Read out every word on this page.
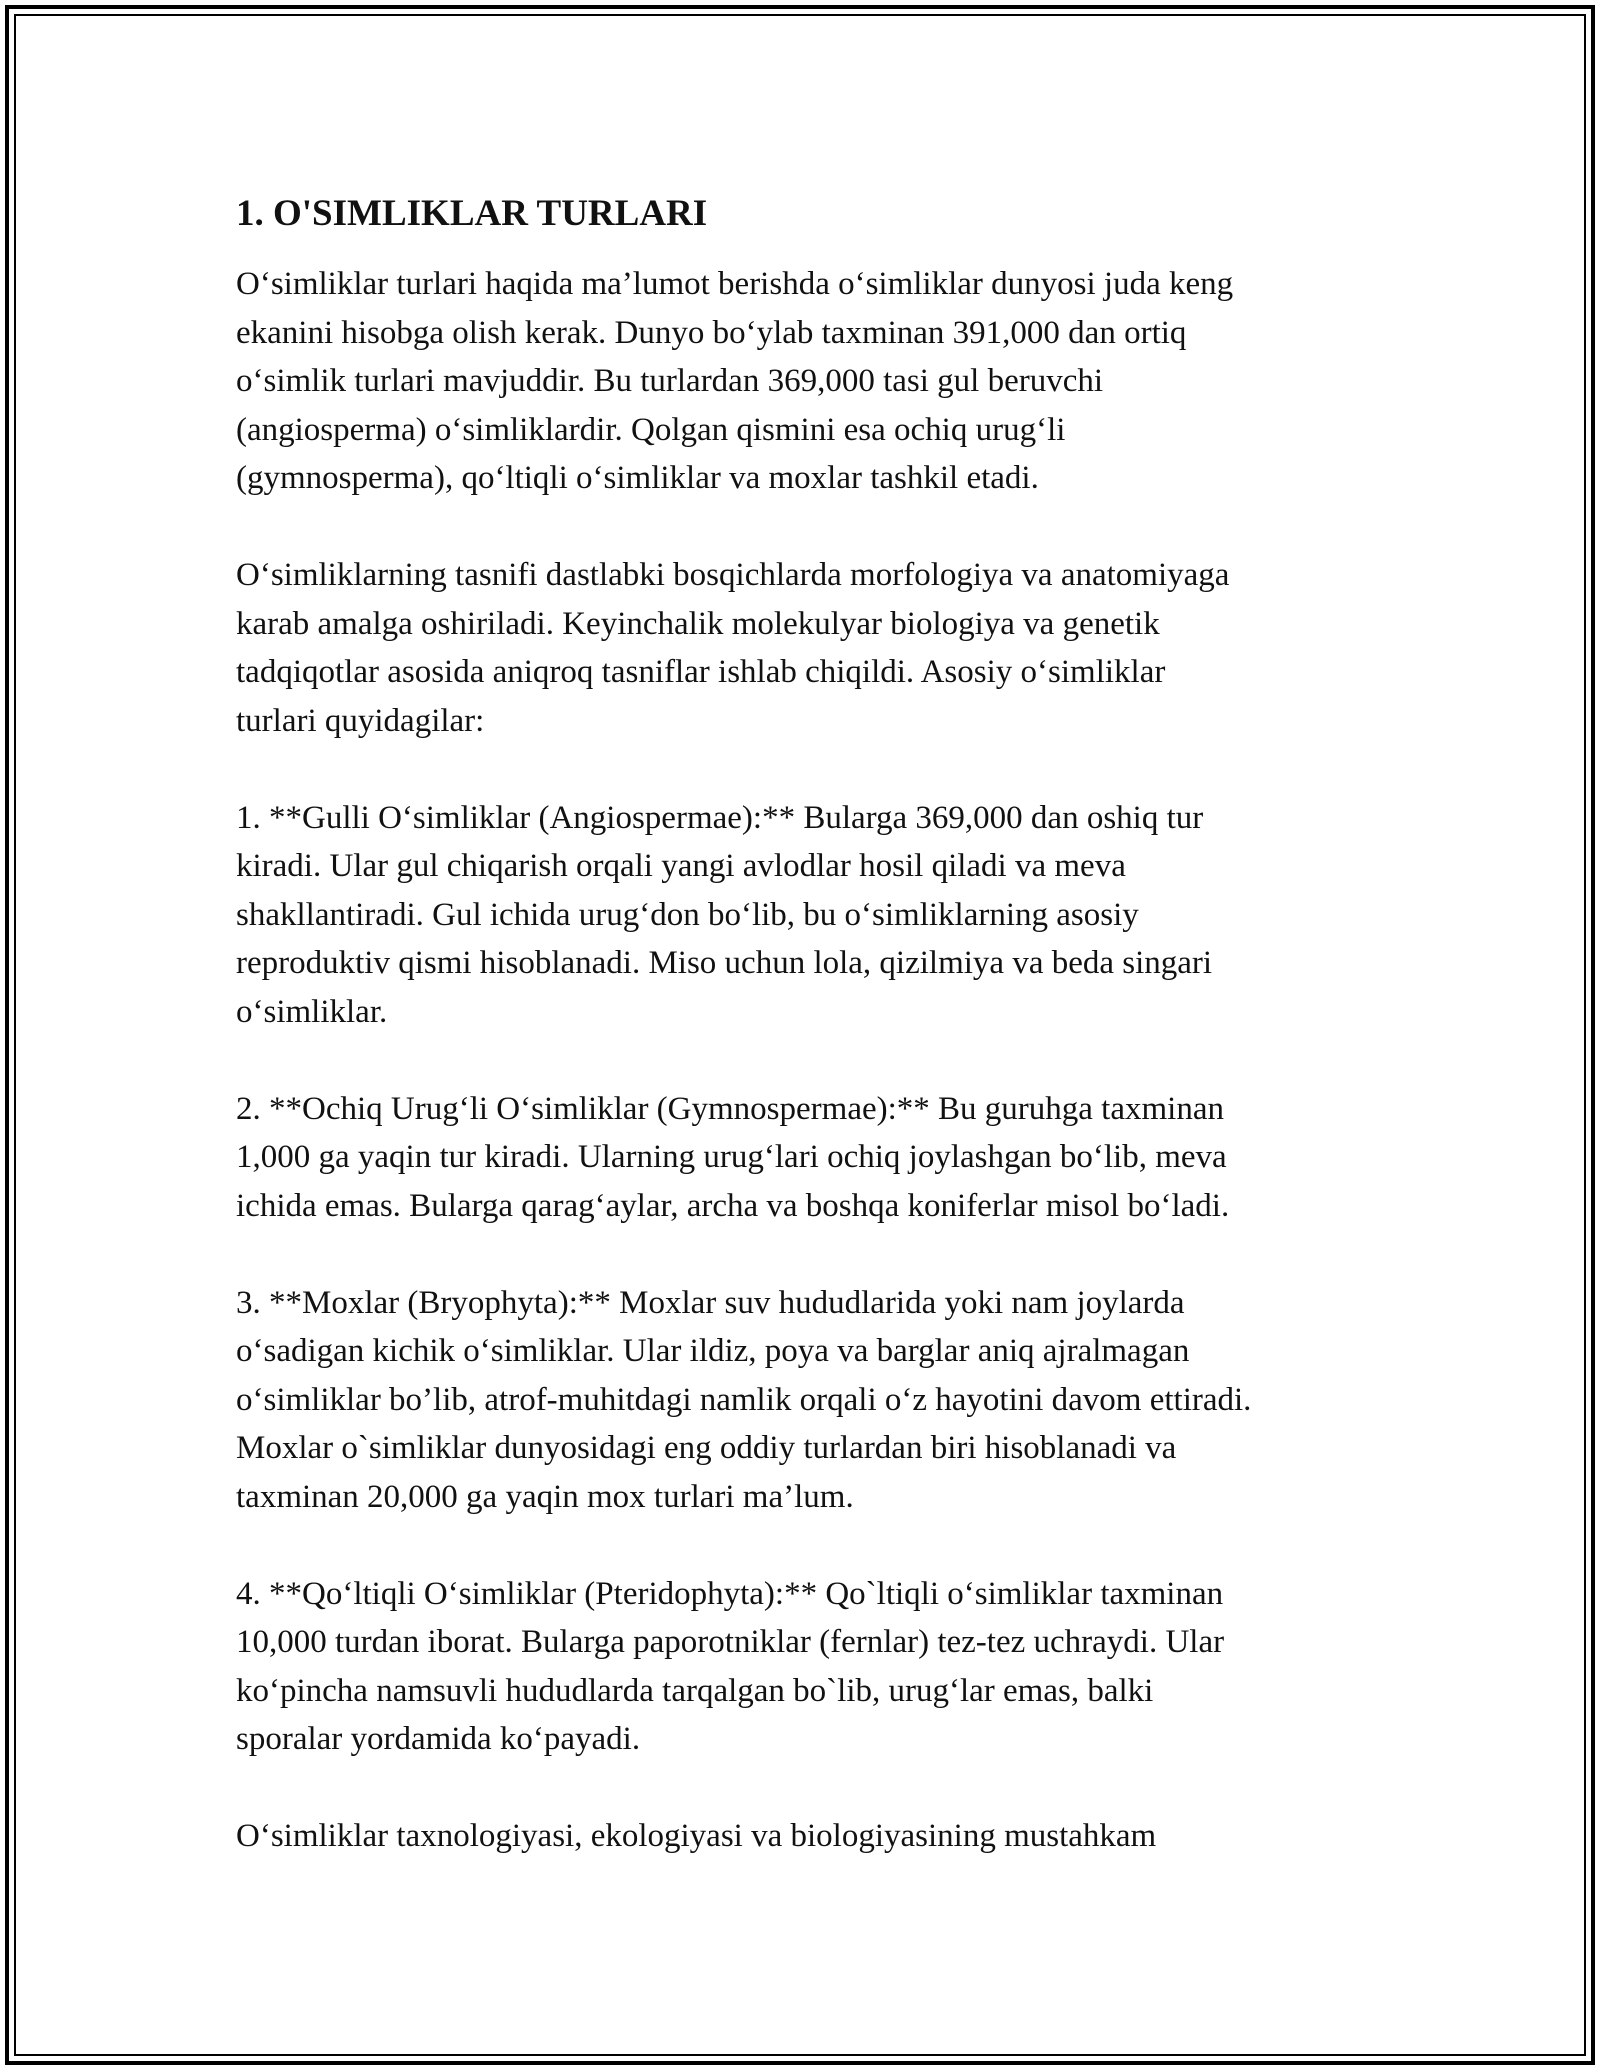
1. O'SIMLIKLAR TURLARI
O‘simliklar turlari haqida ma’lumot berishda o‘simliklar dunyosi juda keng
ekanini hisobga olish kerak. Dunyo bo‘ylab taxminan 391,000 dan ortiq
o‘simlik turlari mavjuddir. Bu turlardan 369,000 tasi gul beruvchi
(angiosperma) o‘simliklardir. Qolgan qismini esa ochiq urug‘li
(gymnosperma), qo‘ltiqli o‘simliklar va moxlar tashkil etadi.
O‘simliklarning tasnifi dastlabki bosqichlarda morfologiya va anatomiyaga
karab amalga oshiriladi. Keyinchalik molekulyar biologiya va genetik
tadqiqotlar asosida aniqroq tasniflar ishlab chiqildi. Asosiy o‘simliklar
turlari quyidagilar:
1. **Gulli O‘simliklar (Angiospermae):** Bularga 369,000 dan oshiq tur
kiradi. Ular gul chiqarish orqali yangi avlodlar hosil qiladi va meva
shakllantiradi. Gul ichida urug‘don bo‘lib, bu o‘simliklarning asosiy
reproduktiv qismi hisoblanadi. Miso uchun lola, qizilmiya va beda singari
o‘simliklar.
2. **Ochiq Urug‘li O‘simliklar (Gymnospermae):** Bu guruhga taxminan
1,000 ga yaqin tur kiradi. Ularning urug‘lari ochiq joylashgan bo‘lib, meva
ichida emas. Bularga qarag‘aylar, archa va boshqa koniferlar misol bo‘ladi.
3. **Moxlar (Bryophyta):** Moxlar suv hududlarida yoki nam joylarda
o‘sadigan kichik o‘simliklar. Ular ildiz, poya va barglar aniq ajralmagan
o‘simliklar bo’lib, atrof-muhitdagi namlik orqali o‘z hayotini davom ettiradi.
Moxlar o`simliklar dunyosidagi eng oddiy turlardan biri hisoblanadi va
taxminan 20,000 ga yaqin mox turlari ma’lum.
4. **Qo‘ltiqli O‘simliklar (Pteridophyta):** Qo`ltiqli o‘simliklar taxminan
10,000 turdan iborat. Bularga paporotniklar (fernlar) tez-tez uchraydi. Ular
ko‘pincha namsuvli hududlarda tarqalgan bo`lib, urug‘lar emas, balki
sporalar yordamida ko‘payadi.
O‘simliklar taxnologiyasi, ekologiyasi va biologiyasining mustahkam
